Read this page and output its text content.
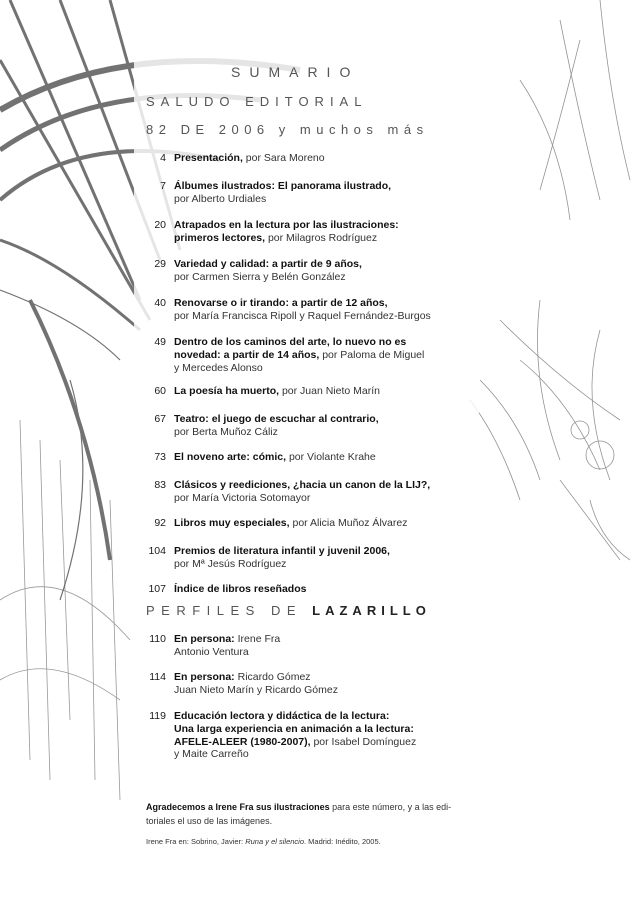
SUMARIO
SALUDO EDITORIAL
82 DE 2006 y muchos más
4 Presentación, por Sara Moreno
7 Álbumes ilustrados: El panorama ilustrado,
por Alberto Urdiales
20 Atrapados en la lectura por las ilustraciones:
primeros lectores, por Milagros Rodríguez
29 Variedad y calidad: a partir de 9 años,
por Carmen Sierra y Belén González
40 Renovarse o ir tirando: a partir de 12 años,
por María Francisca Ripoll y Raquel Fernández-Burgos
49 Dentro de los caminos del arte, lo nuevo no es
novedad: a partir de 14 años, por Paloma de Miguel
y Mercedes Alonso
60 La poesía ha muerto, por Juan Nieto Marín
67 Teatro: el juego de escuchar al contrario,
por Berta Muñoz Cáliz
73 El noveno arte: cómic, por Violante Krahe
83 Clásicos y reediciones, ¿hacia un canon de la LIJ?,
por María Victoria Sotomayor
92 Libros muy especiales, por Alicia Muñoz Álvarez
104 Premios de literatura infantil y juvenil 2006,
por Mª Jesús Rodríguez
107 Índice de libros reseñados
PERFILES DE LAZARILLO
110 En persona: Irene Fra
Antonio Ventura
114 En persona: Ricardo Gómez
Juan Nieto Marín y Ricardo Gómez
119 Educación lectora y didáctica de la lectura:
Una larga experiencia en animación a la lectura:
AFELE-ALEER (1980-2007), por Isabel Domínguez
y Maite Carreño
Agradecemos a Irene Fra sus ilustraciones para este número, y a las edi- toriales el uso de las imágenes.
Irene Fra en: Sobrino, Javier: Runa y el silencio. Madrid: Inédito, 2005.
